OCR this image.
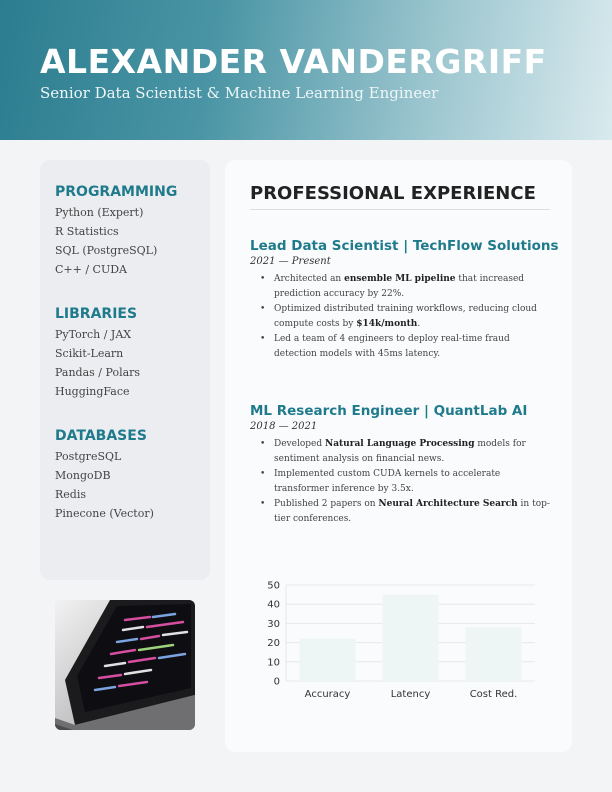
ALEXANDER VANDERGRIFF
Senior Data Scientist & Machine Learning Engineer
PROGRAMMING
Python (Expert)
R Statistics
SQL (PostgreSQL)
C++ / CUDA
LIBRARIES
PyTorch / JAX
Scikit-Learn
Pandas / Polars
HuggingFace
DATABASES
PostgreSQL
MongoDB
Redis
Pinecone (Vector)
PROFESSIONAL EXPERIENCE
Lead Data Scientist | TechFlow Solutions
2021 — Present
• Architected an ensemble ML pipeline that increased prediction accuracy by 22%.
• Optimized distributed training workflows, reducing cloud compute costs by $14k/month.
• Led a team of 4 engineers to deploy real-time fraud detection models with 45ms latency.
ML Research Engineer | QuantLab AI
2018 — 2021
• Developed Natural Language Processing models for sentiment analysis on financial news.
• Implemented custom CUDA kernels to accelerate transformer inference by 3.5x.
• Published 2 papers on Neural Architecture Search in top-tier conferences.
0
10
20
30
40
50
Accuracy	Latency	Cost Red.
